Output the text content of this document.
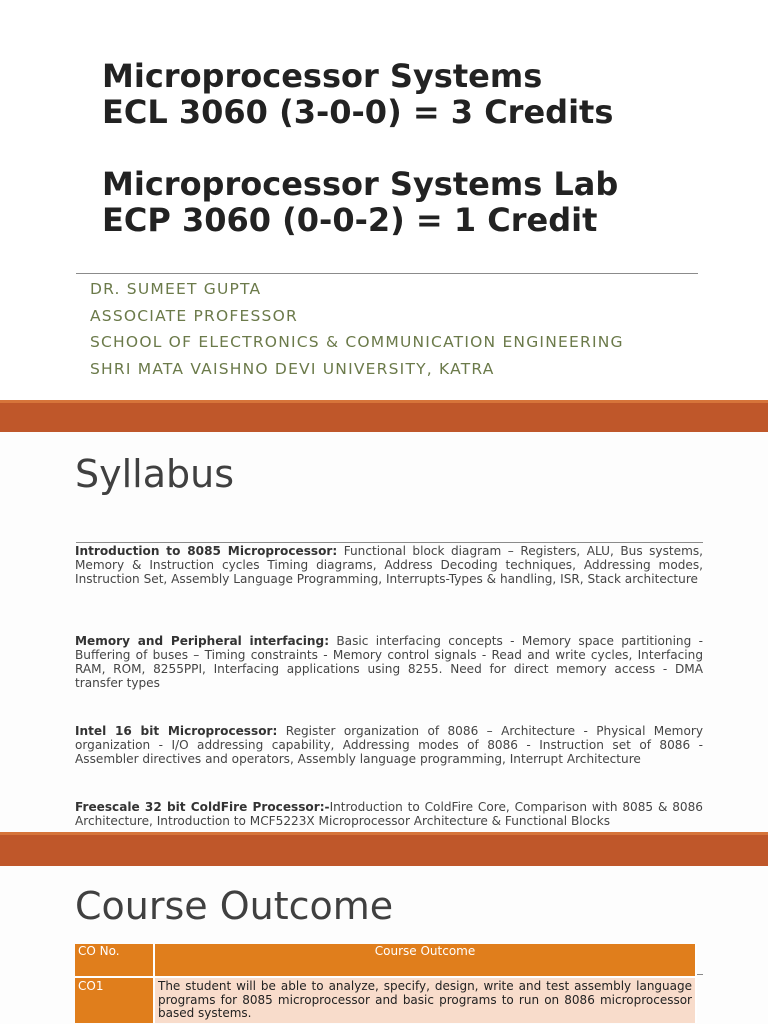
Microprocessor Systems
ECL 3060 (3-0-0) = 3 Credits
Microprocessor Systems Lab
ECP 3060 (0-0-2) = 1 Credit
DR. SUMEET GUPTA
ASSOCIATE PROFESSOR
SCHOOL OF ELECTRONICS & COMMUNICATION ENGINEERING
SHRI MATA VAISHNO DEVI UNIVERSITY, KATRA
Syllabus
Introduction to 8085 Microprocessor: Functional block diagram – Registers, ALU, Bus systems, Memory & Instruction cycles Timing diagrams, Address Decoding techniques, Addressing modes, Instruction Set, Assembly Language Programming, Interrupts-Types & handling, ISR, Stack architecture
Memory and Peripheral interfacing: Basic interfacing concepts - Memory space partitioning - Buffering of buses – Timing constraints - Memory control signals - Read and write cycles, Interfacing RAM, ROM, 8255PPI, Interfacing applications using 8255. Need for direct memory access - DMA transfer types
Intel 16 bit Microprocessor: Register organization of 8086 – Architecture - Physical Memory organization - I/O addressing capability, Addressing modes of 8086 - Instruction set of 8086 - Assembler directives and operators, Assembly language programming, Interrupt Architecture
Freescale 32 bit ColdFire Processor:-Introduction to ColdFire Core, Comparison with 8085 & 8086 Architecture, Introduction to MCF5223X Microprocessor Architecture & Functional Blocks
Course Outcome
CO No.	Course Outcome
CO1	The student will be able to analyze, specify, design, write and test assembly language programs for 8085 microprocessor and basic programs to run on 8086 microprocessor based systems.
